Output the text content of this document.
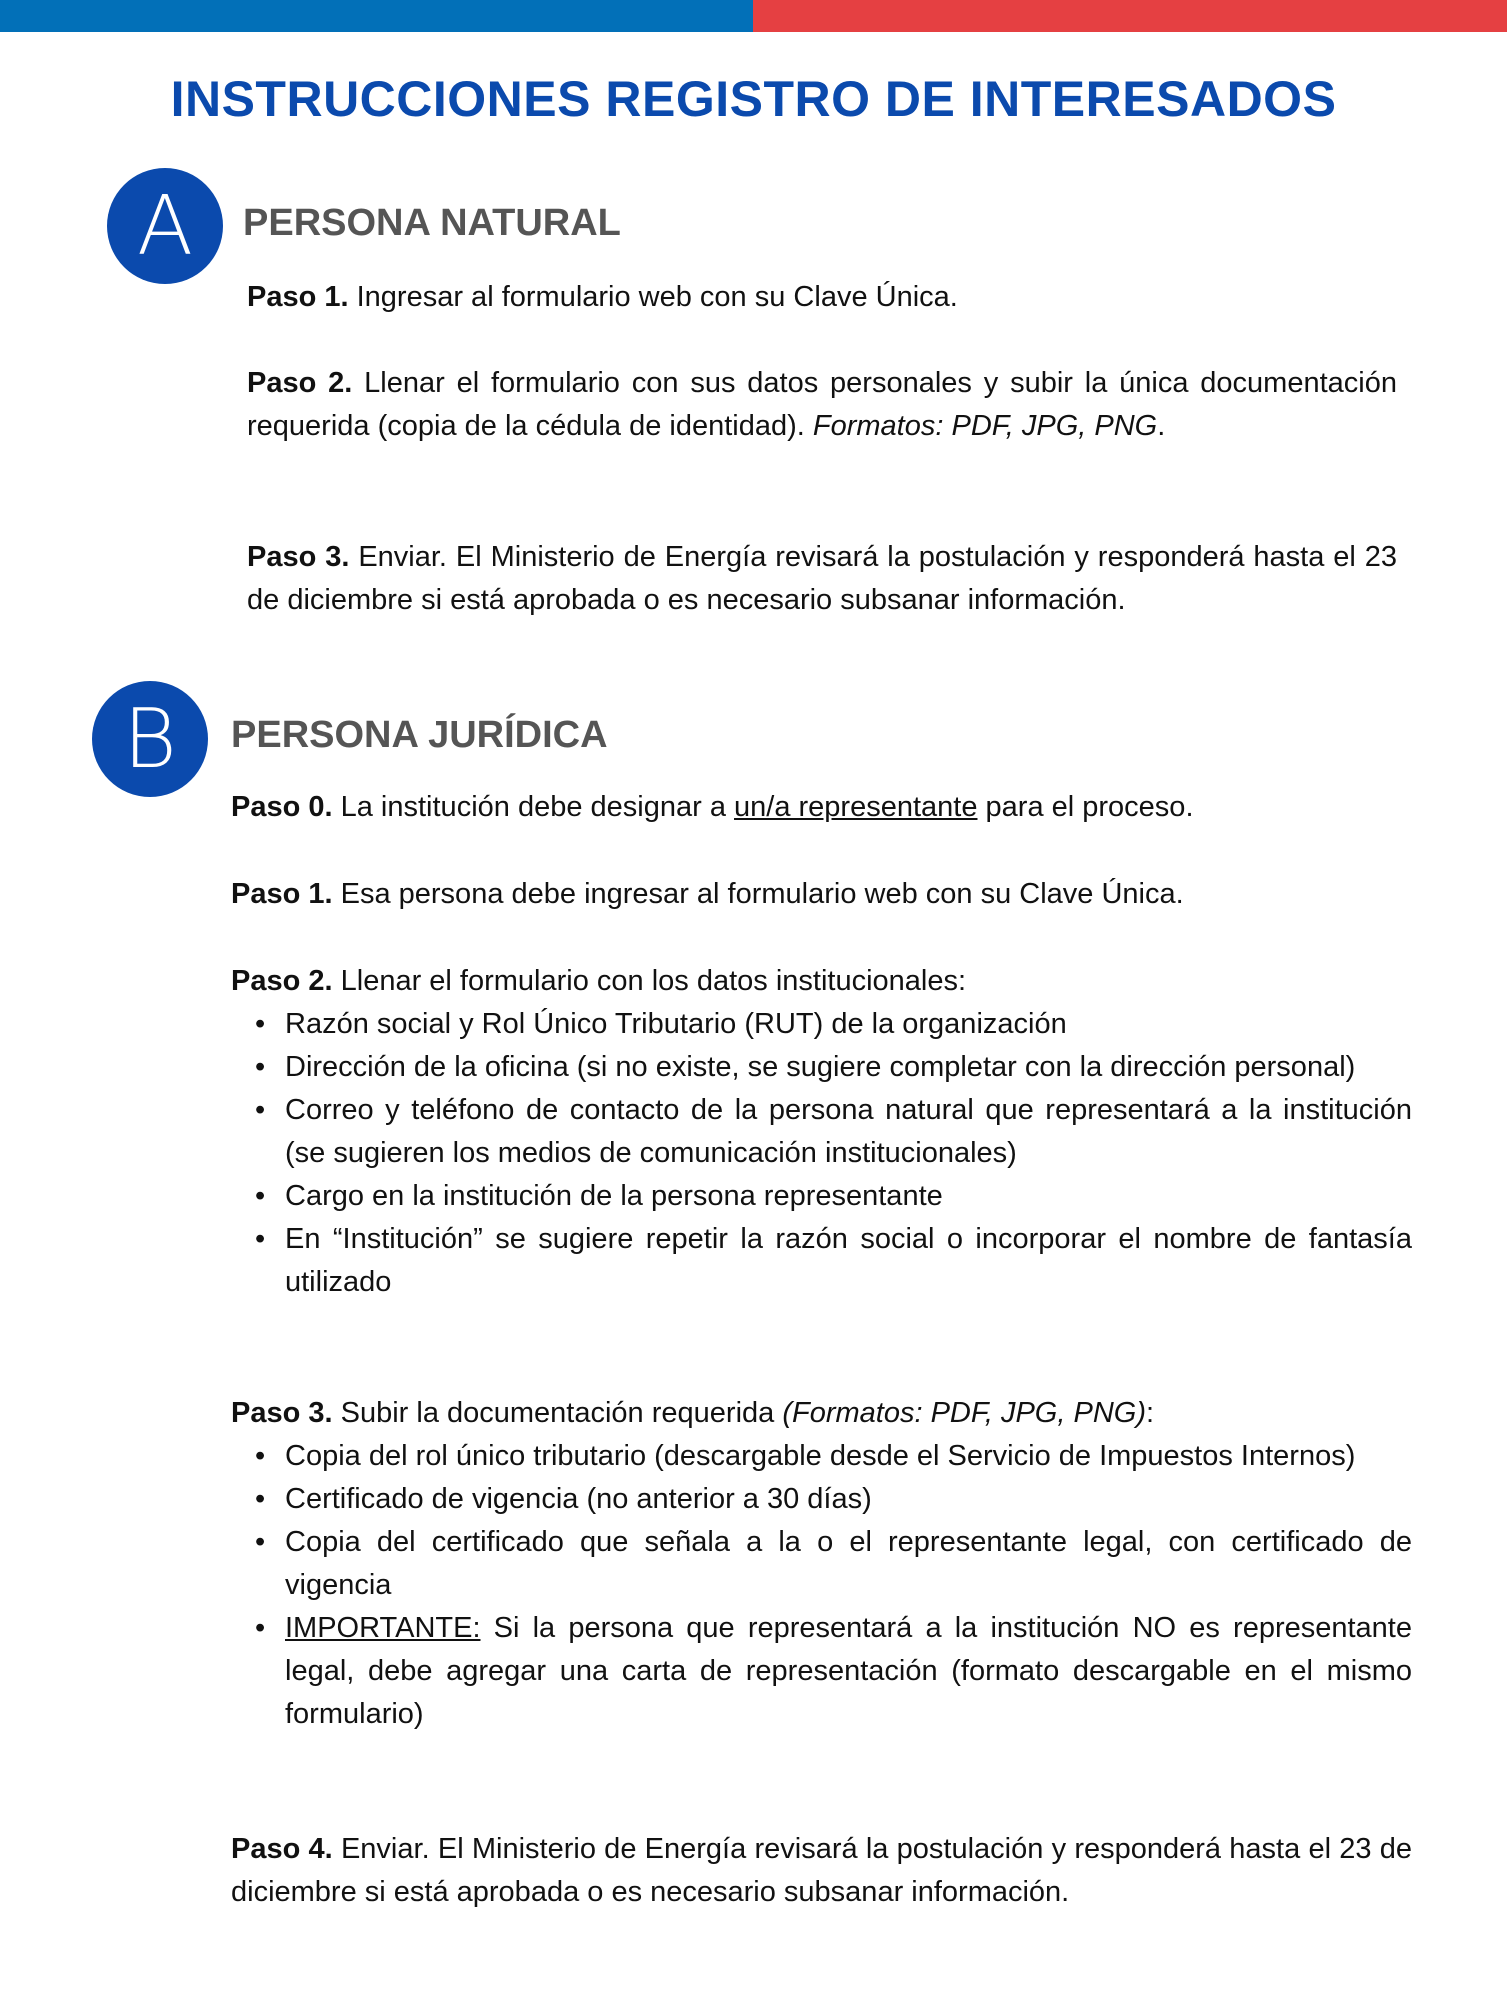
INSTRUCCIONES REGISTRO DE INTERESADOS
A	PERSONA NATURAL
Paso 1. Ingresar al formulario web con su Clave Única.
Paso 2. Llenar el formulario con sus datos personales y subir la única documentación requerida (copia de la cédula de identidad). Formatos: PDF, JPG, PNG.
Paso 3. Enviar. El Ministerio de Energía revisará la postulación y responderá hasta el 23 de diciembre si está aprobada o es necesario subsanar información.
B	PERSONA JURÍDICA
Paso 0. La institución debe designar a un/a representante para el proceso.
Paso 1. Esa persona debe ingresar al formulario web con su Clave Única.
Paso 2. Llenar el formulario con los datos institucionales:
• Razón social y Rol Único Tributario (RUT) de la organización
• Dirección de la oficina (si no existe, se sugiere completar con la dirección personal)
• Correo y teléfono de contacto de la persona natural que representará a la institución (se sugieren los medios de comunicación institucionales)
• Cargo en la institución de la persona representante
• En “Institución” se sugiere repetir la razón social o incorporar el nombre de fantasía utilizado
Paso 3. Subir la documentación requerida (Formatos: PDF, JPG, PNG):
• Copia del rol único tributario (descargable desde el Servicio de Impuestos Internos)
• Certificado de vigencia (no anterior a 30 días)
• Copia del certificado que señala a la o el representante legal, con certificado de vigencia
• IMPORTANTE: Si la persona que representará a la institución NO es representante legal, debe agregar una carta de representación (formato descargable en el mismo formulario)
Paso 4. Enviar. El Ministerio de Energía revisará la postulación y responderá hasta el 23 de diciembre si está aprobada o es necesario subsanar información.
